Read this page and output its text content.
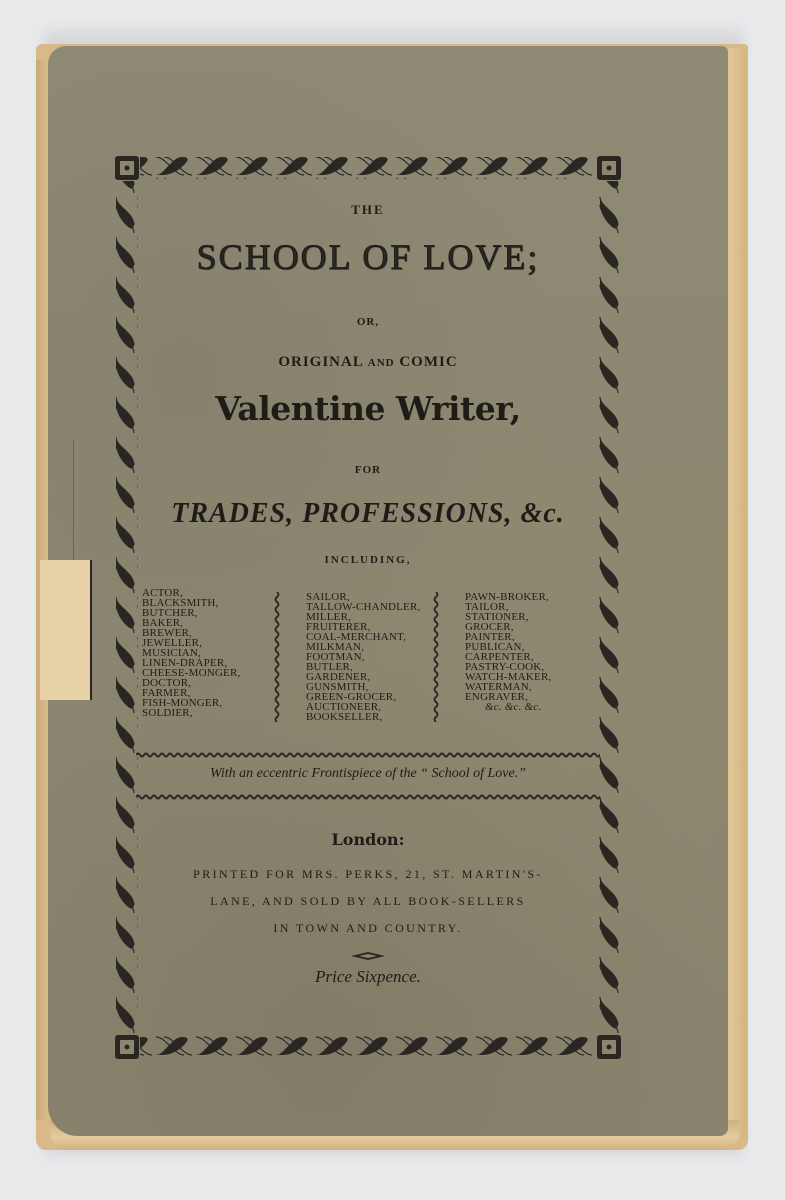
THE
SCHOOL OF LOVE;
OR,
ORIGINAL AND COMIC
Valentine Writer,
FOR
TRADES, PROFESSIONS, &c.
INCLUDING,
ACTOR,
BLACKSMITH,
BUTCHER,
BAKER,
BREWER,
JEWELLER,
MUSICIAN,
LINEN-DRAPER,
CHEESE-MONGER,
DOCTOR,
FARMER,
FISH-MONGER,
SOLDIER,
SAILOR,
TALLOW-CHANDLER,
MILLER,
FRUITERER,
COAL-MERCHANT,
MILKMAN,
FOOTMAN,
BUTLER,
GARDENER,
GUNSMITH,
GREEN-GROCER,
AUCTIONEER,
BOOKSELLER,
PAWN-BROKER,
TAILOR,
STATIONER,
GROCER,
PAINTER,
PUBLICAN,
CARPENTER,
PASTRY-COOK,
WATCH-MAKER,
WATERMAN,
ENGRAVER,
&c. &c. &c.
With an eccentric Frontispiece of the “ School of Love.”
London:
PRINTED FOR MRS. PERKS, 21, ST. MARTIN'S-
LANE, AND SOLD BY ALL BOOK-SELLERS
IN TOWN AND COUNTRY.
Price Sixpence.
